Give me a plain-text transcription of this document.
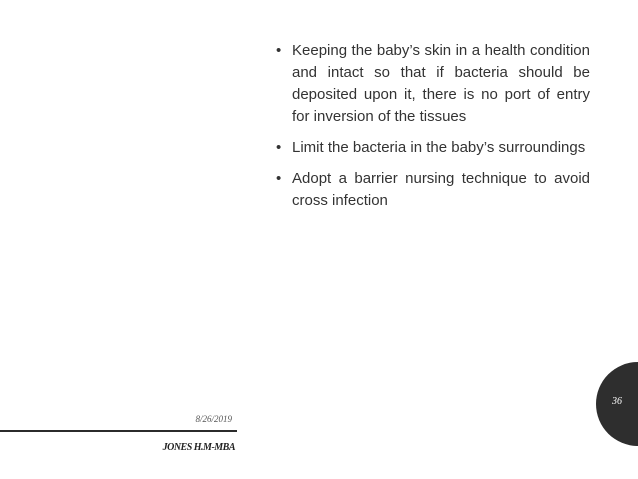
• Keeping the baby’s skin in a health condition and intact so that if bacteria should be deposited upon it, there is no port of entry for inversion of the tissues
• Limit the bacteria in the baby’s surroundings
• Adopt a barrier nursing technique to avoid cross infection
8/26/2019
JONES H.M-MBA
36
